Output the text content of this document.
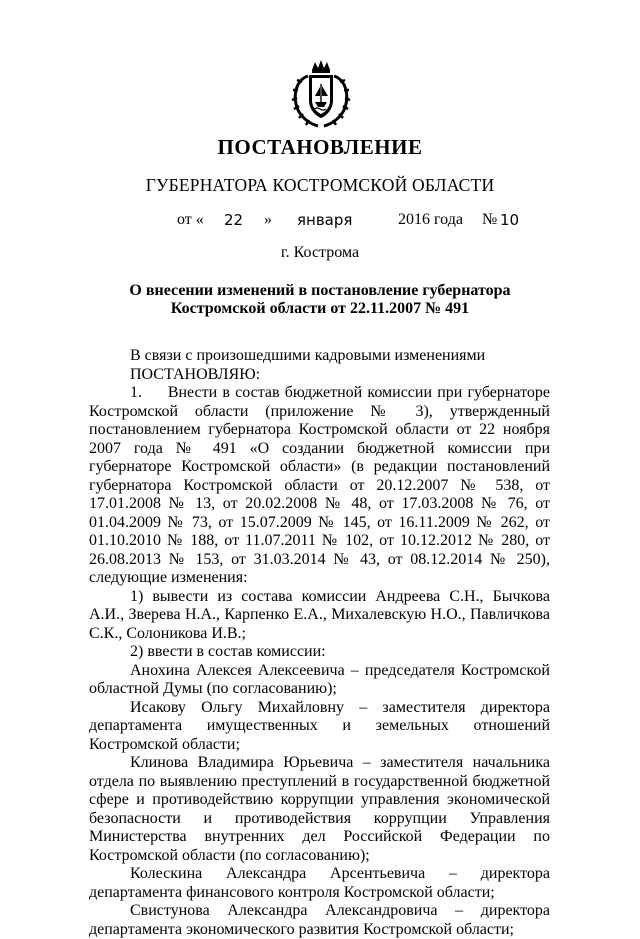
ПОСТАНОВЛЕНИЕ
ГУБЕРНАТОРА КОСТРОМСКОЙ ОБЛАСТИ
от « 22 » января	2016 года № 10
г. Кострома
О внесении изменений в постановление губернатора
Костромской области от 22.11.2007 № 491

В связи с произошедшими кадровыми изменениями

ПОСТАНОВЛЯЮ:

1.     Внести в состав бюджетной комиссии при губернаторе Костромской области (приложение № 3), утвержденный постановлением губернатора Костромской области от 22 ноября 2007 года № 491 «О создании бюджетной комиссии при губернаторе Костромской области» (в редакции постановлений губернатора Костромской области от 20.12.2007 № 538, от 17.01.2008 № 13, от 20.02.2008 № 48, от 17.03.2008 № 76, от 01.04.2009 № 73, от 15.07.2009 № 145, от 16.11.2009 № 262, от 01.10.2010 № 188, от 11.07.2011 № 102, от 10.12.2012 № 280, от 26.08.2013 № 153, от 31.03.2014 № 43, от 08.12.2014 № 250), следующие изменения:

1) вывести из состава комиссии Андреева С.Н., Бычкова А.И., Зверева Н.А., Карпенко Е.А., Михалевскую Н.О., Павличкова С.К., Солоникова И.В.;

2) ввести в состав комиссии:

Анохина Алексея Алексеевича – председателя Костромской областной Думы (по согласованию);

Исакову Ольгу Михайловну – заместителя директора департамента имущественных и земельных отношений Костромской области;

Клинова Владимира Юрьевича – заместителя начальника отдела по выявлению преступлений в государственной бюджетной сфере и противодействию коррупции управления экономической безопасности и противодействия коррупции Управления Министерства внутренних дел Российской Федерации по Костромской области (по согласованию);

Колескина Александра Арсентьевича – директора департамента финансового контроля Костромской области;

Свистунова Александра Александровича – директора департамента экономического развития Костромской области;
